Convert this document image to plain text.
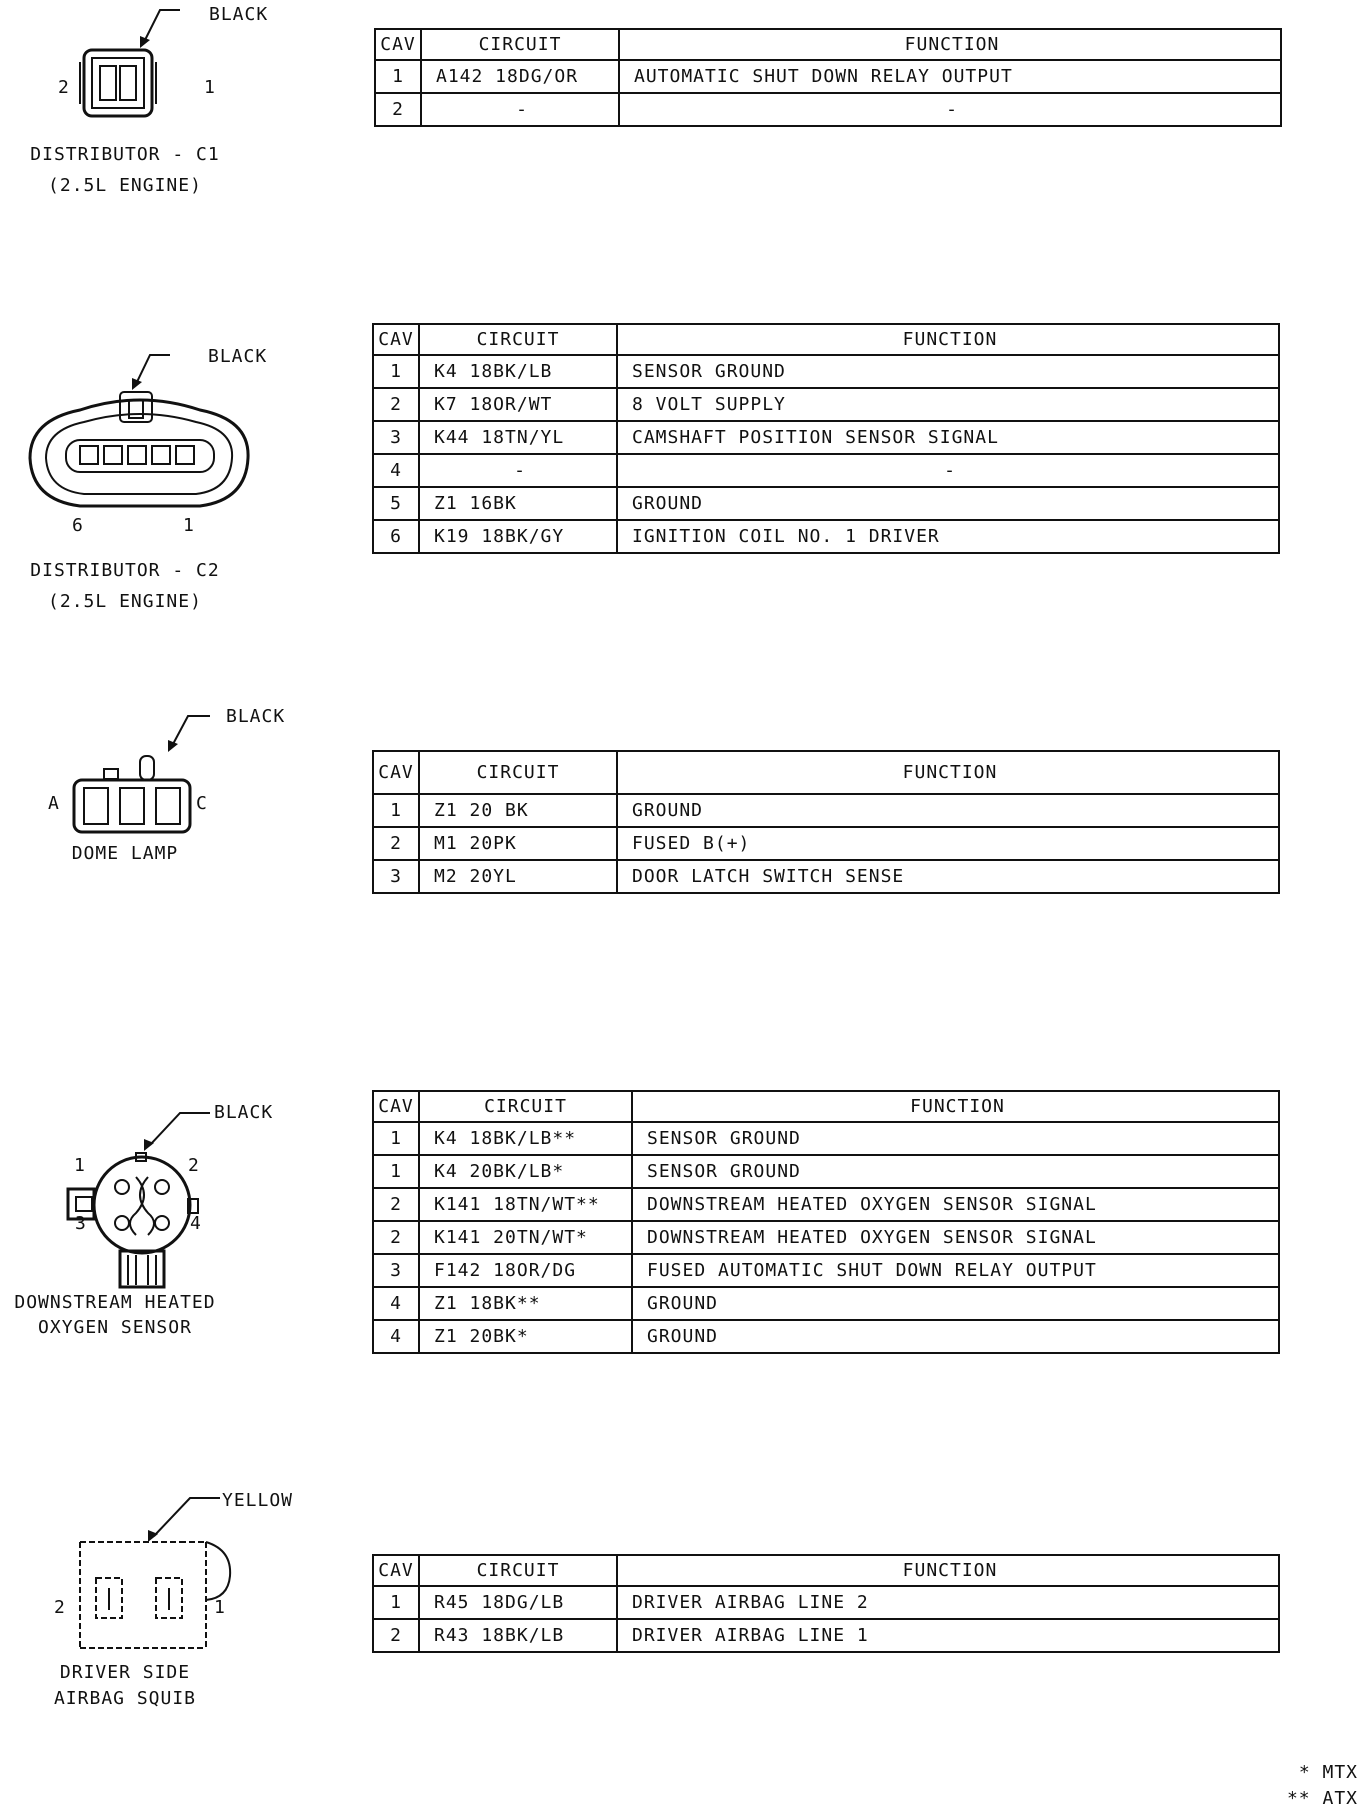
BLACK
2	1
DISTRIBUTOR - C1
(2.5L ENGINE)
CAV	CIRCUIT	FUNCTION
1	A142 18DG/OR	AUTOMATIC SHUT DOWN RELAY OUTPUT
2	-	-
BLACK
6	1
DISTRIBUTOR - C2
(2.5L ENGINE)
CAV	CIRCUIT	FUNCTION
1	K4 18BK/LB	SENSOR GROUND
2	K7 18OR/WT	8 VOLT SUPPLY
3	K44 18TN/YL	CAMSHAFT POSITION SENSOR SIGNAL
4	-	-
5	Z1 16BK	GROUND
6	K19 18BK/GY	IGNITION COIL NO. 1 DRIVER
BLACK
A	C
DOME LAMP
CAV	CIRCUIT	FUNCTION
1	Z1 20 BK	GROUND
2	M1 20PK	FUSED B(+)
3	M2 20YL	DOOR LATCH SWITCH SENSE
BLACK
1	2
3	4
DOWNSTREAM HEATED
OXYGEN SENSOR
CAV	CIRCUIT	FUNCTION
1	K4 18BK/LB**	SENSOR GROUND
1	K4 20BK/LB*	SENSOR GROUND
2	K141 18TN/WT**	DOWNSTREAM HEATED OXYGEN SENSOR SIGNAL
2	K141 20TN/WT*	DOWNSTREAM HEATED OXYGEN SENSOR SIGNAL
3	F142 18OR/DG	FUSED AUTOMATIC SHUT DOWN RELAY OUTPUT
4	Z1 18BK**	GROUND
4	Z1 20BK*	GROUND
YELLOW
2	1
DRIVER SIDE
AIRBAG SQUIB
CAV	CIRCUIT	FUNCTION
1	R45 18DG/LB	DRIVER AIRBAG LINE 2
2	R43 18BK/LB	DRIVER AIRBAG LINE 1
* MTX
** ATX
